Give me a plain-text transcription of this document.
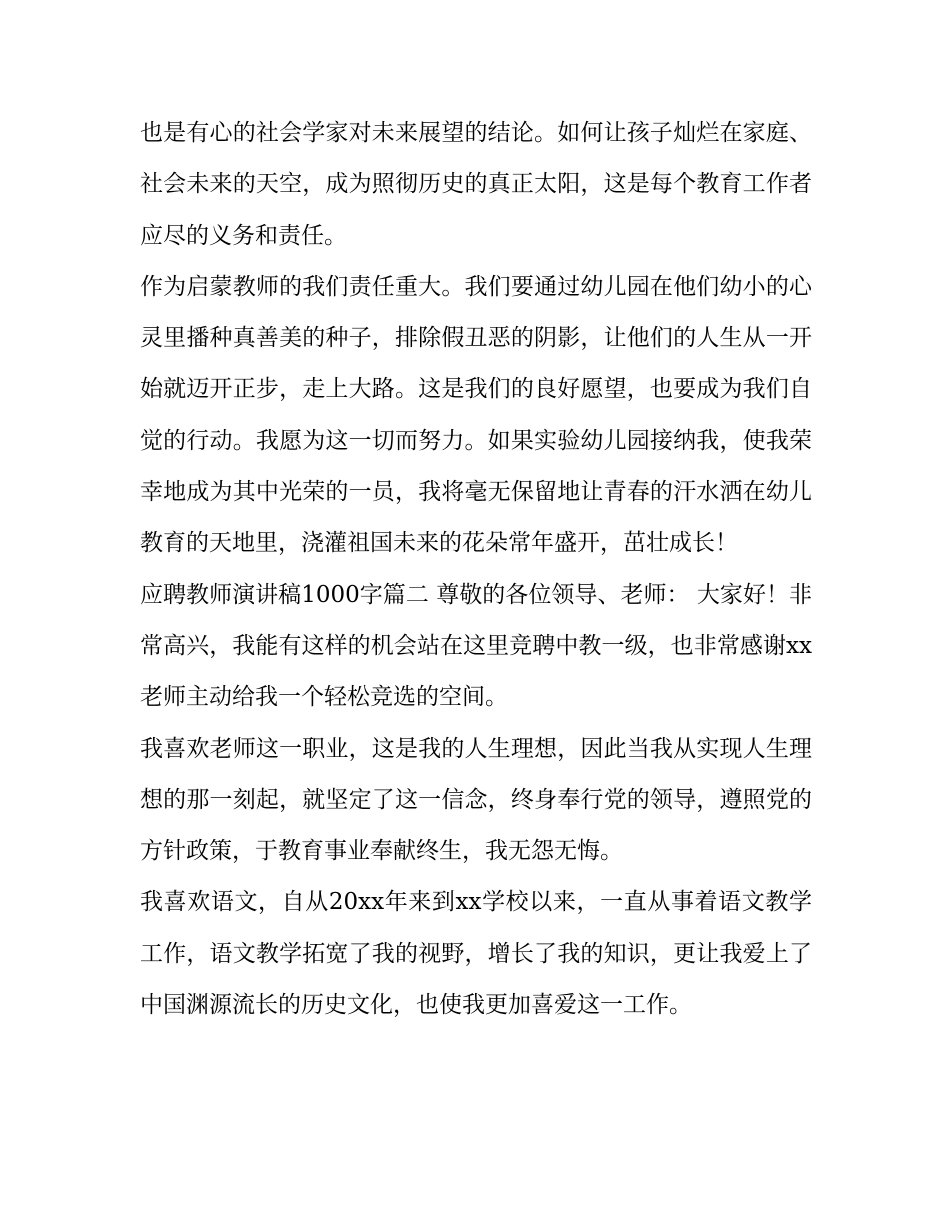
也是有心的社会学家对未来展望的结论。如何让孩子灿烂在家庭、社会未来的天空，成为照彻历史的真正太阳，这是每个教育工作者应尽的义务和责任。

作为启蒙教师的我们责任重大。我们要通过幼儿园在他们幼小的心灵里播种真善美的种子，排除假丑恶的阴影，让他们的人生从一开始就迈开正步，走上大路。这是我们的良好愿望，也要成为我们自觉的行动。我愿为这一切而努力。如果实验幼儿园接纳我，使我荣幸地成为其中光荣的一员，我将毫无保留地让青春的汗水洒在幼儿教育的天地里，浇灌祖国未来的花朵常年盛开，茁壮成长！

应聘教师演讲稿1000字篇二 尊敬的各位领导、老师： 大家好！非常高兴，我能有这样的机会站在这里竞聘中教一级，也非常感谢xx老师主动给我一个轻松竞选的空间。

我喜欢老师这一职业，这是我的人生理想，因此当我从实现人生理想的那一刻起，就坚定了这一信念，终身奉行党的领导，遵照党的方针政策，于教育事业奉献终生，我无怨无悔。

我喜欢语文，自从20xx年来到xx学校以来，一直从事着语文教学工作，语文教学拓宽了我的视野，增长了我的知识，更让我爱上了中国渊源流长的历史文化，也使我更加喜爱这一工作。
